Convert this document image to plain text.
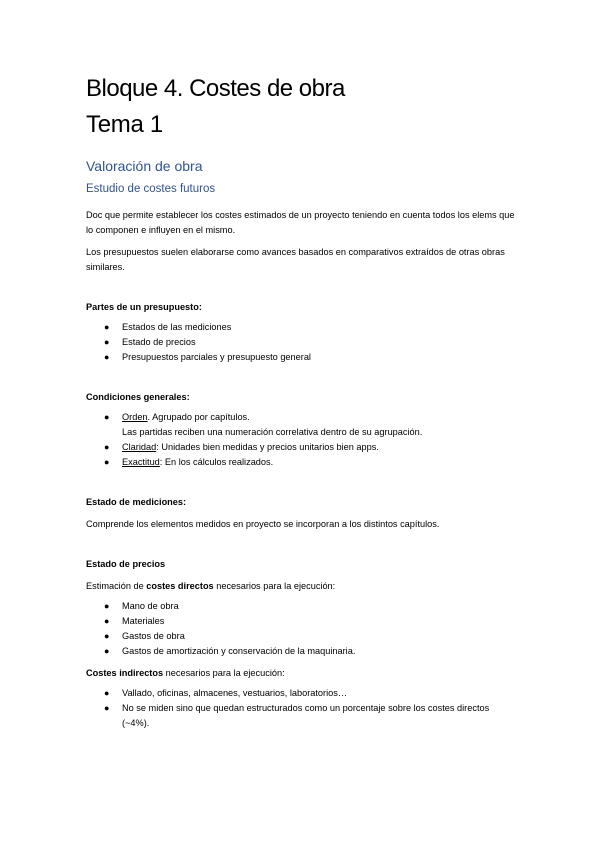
Bloque 4. Costes de obra
Tema 1
Valoración de obra
Estudio de costes futuros

Doc que permite establecer los costes estimados de un proyecto teniendo en cuenta todos los elems que lo componen e influyen en el mismo.

Los presupuestos suelen elaborarse como avances basados en comparativos extraídos de otras obras similares.

Partes de un presupuesto:

● Estados de las mediciones
● Estado de precios
● Presupuestos parciales y presupuesto general

Condiciones generales:

● Orden. Agrupado por capítulos.
Las partidas reciben una numeración correlativa dentro de su agrupación.
● Claridad: Unidades bien medidas y precios unitarios bien apps.
● Exactitud: En los cálculos realizados.

Estado de mediciones:

Comprende los elementos medidos en proyecto se incorporan a los distintos capítulos.

Estado de precios

Estimación de costes directos necesarios para la ejecución:

● Mano de obra
● Materiales
● Gastos de obra
● Gastos de amortización y conservación de la maquinaria.

Costes indirectos necesarios para la ejecución:

● Vallado, oficinas, almacenes, vestuarios, laboratorios…
● No se miden sino que quedan estructurados como un porcentaje sobre los costes directos (~4%).
